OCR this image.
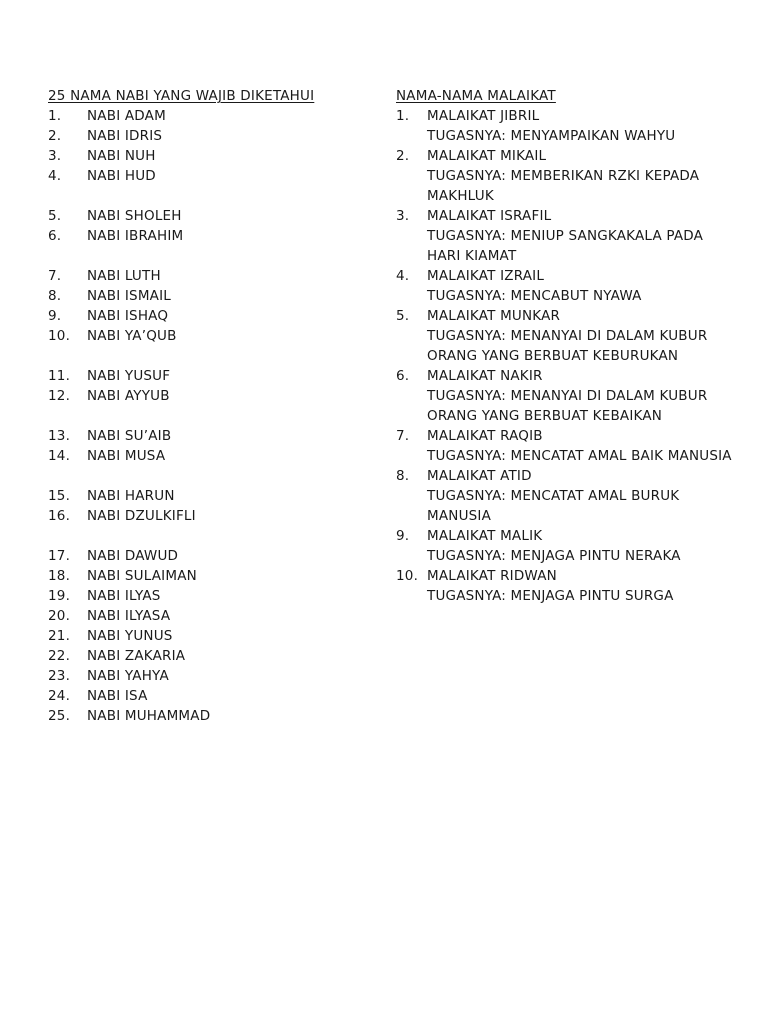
25 NAMA NABI YANG WAJIB DIKETAHUI
1.	NABI ADAM
2.	NABI IDRIS
3.	NABI NUH
4.	NABI HUD
5.	NABI SHOLEH
6.	NABI IBRAHIM
7.	NABI LUTH
8.	NABI ISMAIL
9.	NABI ISHAQ
10.	NABI YA’QUB
11.	NABI YUSUF
12.	NABI AYYUB
13.	NABI SU’AIB
14.	NABI MUSA
15.	NABI HARUN
16.	NABI DZULKIFLI
17.	NABI DAWUD
18.	NABI SULAIMAN
19.	NABI ILYAS
20.	NABI ILYASA
21.	NABI YUNUS
22.	NABI ZAKARIA
23.	NABI YAHYA
24.	NABI ISA
25.	NABI MUHAMMAD
NAMA-NAMA MALAIKAT
1.	MALAIKAT JIBRIL
TUGASNYA: MENYAMPAIKAN WAHYU
2.	MALAIKAT MIKAIL
TUGASNYA: MEMBERIKAN RZKI KEPADA MAKHLUK
3.	MALAIKAT ISRAFIL
TUGASNYA: MENIUP SANGKAKALA PADA HARI KIAMAT
4.	MALAIKAT IZRAIL
TUGASNYA: MENCABUT NYAWA
5.	MALAIKAT MUNKAR
TUGASNYA: MENANYAI DI DALAM KUBUR ORANG YANG BERBUAT KEBURUKAN
6.	MALAIKAT NAKIR
TUGASNYA: MENANYAI DI DALAM KUBUR ORANG YANG BERBUAT KEBAIKAN
7.	MALAIKAT RAQIB
TUGASNYA: MENCATAT AMAL BAIK MANUSIA
8.	MALAIKAT ATID
TUGASNYA: MENCATAT AMAL BURUK MANUSIA
9.	MALAIKAT MALIK
TUGASNYA: MENJAGA PINTU NERAKA
10. MALAIKAT RIDWAN
TUGASNYA: MENJAGA PINTU SURGA
